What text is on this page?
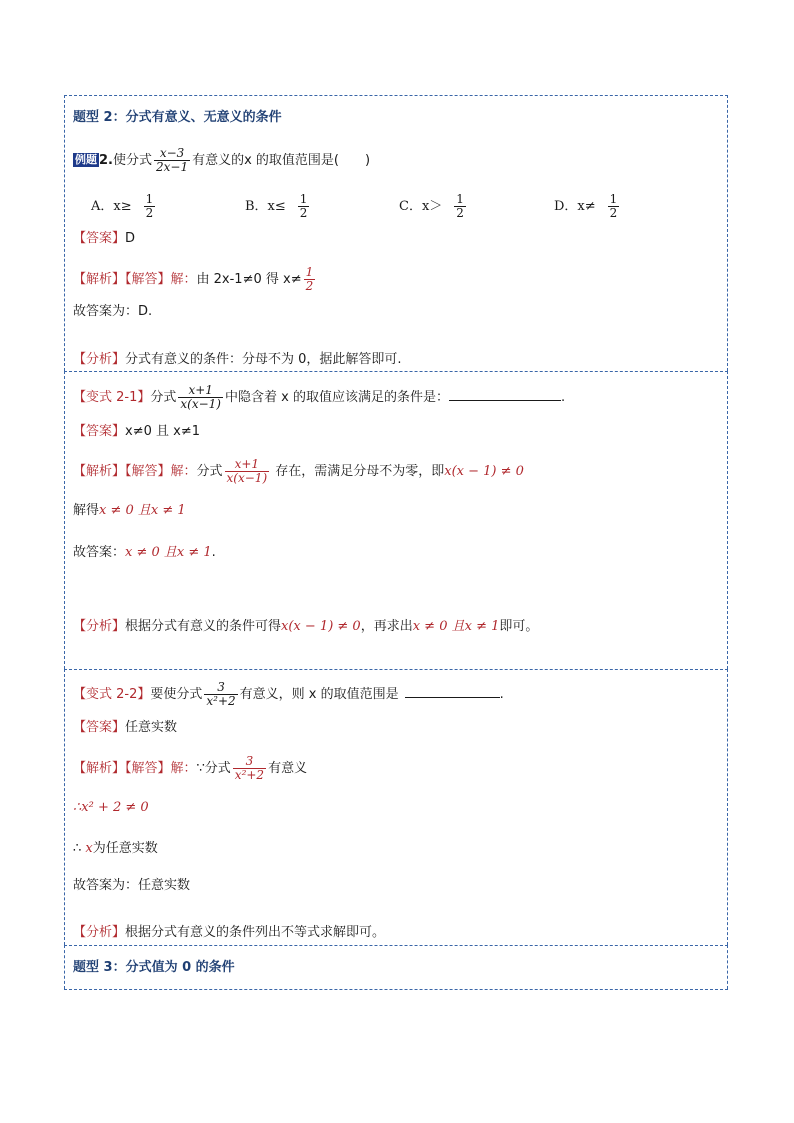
题型 2：分式有意义、无意义的条件
例题 2.使分式 $\frac{x-3}{2x-1}$ 有意义的x 的取值范围是(　　)
A．$x\ge \frac{1}{2}$	B．$x\le \frac{1}{2}$	C．$x> \frac{1}{2}$	D．$x\ne \frac{1}{2}$
【答案】D
【解析】【解答】解：由 2x-1≠0 得 $x\ne \frac{1}{2}$
故答案为：D.
【分析】分式有意义的条件：分母不为 0，据此解答即可.
【变式 2-1】分式 $\frac{x+1}{x(x-1)}$ 中隐含着 x 的取值应该满足的条件是：	.
【答案】x≠0 且 x≠1
【解析】【解答】解：分式 $\frac{x+1}{x(x-1)}$ 存在，需满足分母不为零，即x(x − 1) ≠ 0
解得x ≠ 0 且x ≠ 1
故答案：x ≠ 0 且x ≠ 1.
【分析】根据分式有意义的条件可得x(x − 1) ≠ 0，再求出x ≠ 0 且x ≠ 1即可。
【变式 2-2】要使分式 $\frac{3}{\text{x²+2}}$ 有意义，则 x 的取值范围是	.
【答案】任意实数
【解析】【解答】解：∵分式 $\frac{3}{\text{x²+2}}$ 有意义
∴x² + 2 ≠ 0
∴ x为任意实数
故答案为：任意实数
【分析】根据分式有意义的条件列出不等式求解即可。
题型 3：分式值为 0 的条件
